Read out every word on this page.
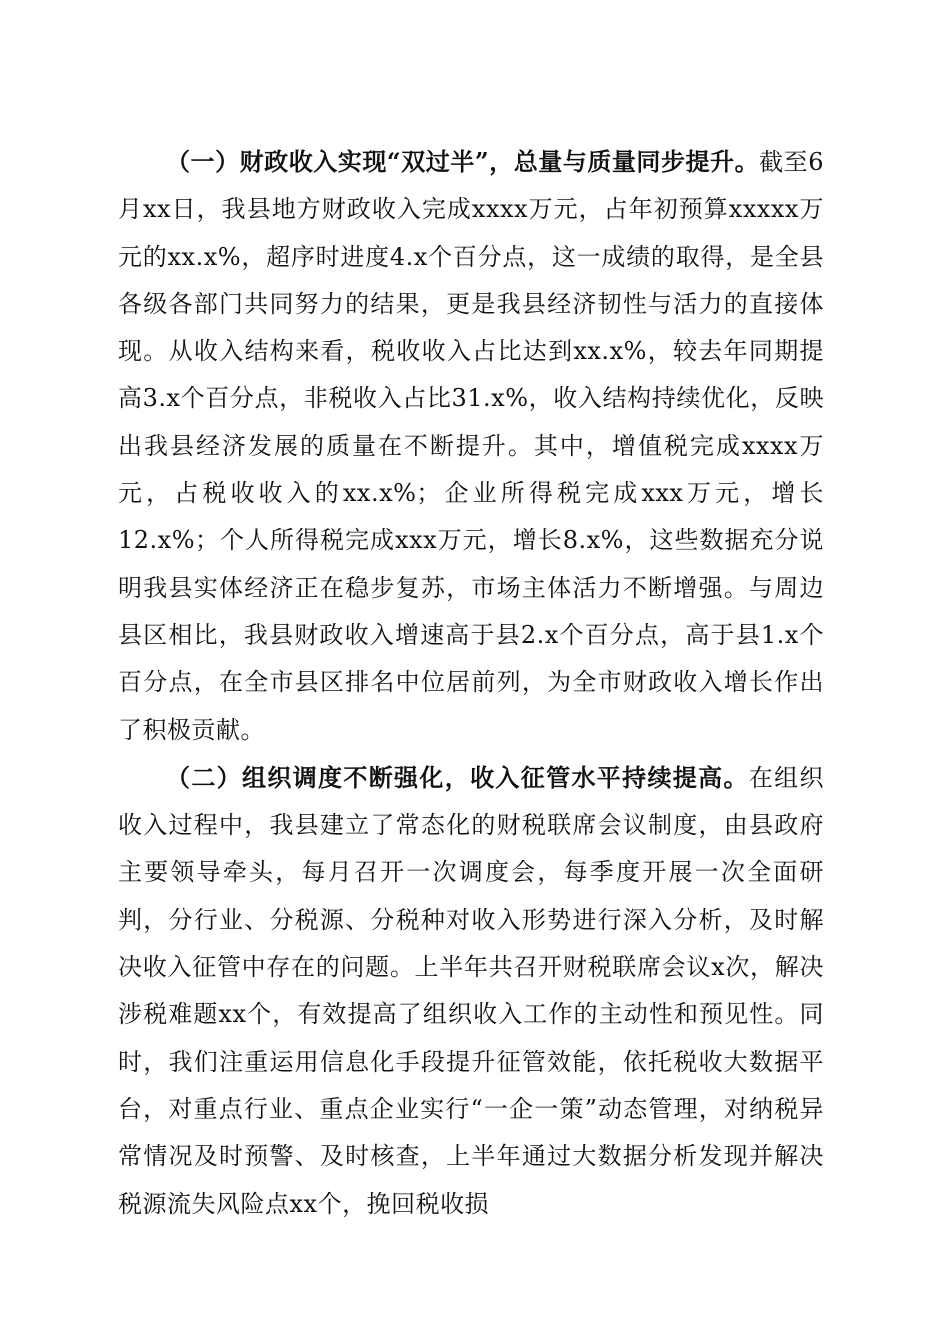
（一）财政收入实现“双过半”，总量与质量同步提升。截至6月xx日，我县地方财政收入完成xxxx万元，占年初预算xxxxx万元的xx.x%，超序时进度4.x个百分点，这一成绩的取得，是全县各级各部门共同努力的结果，更是我县经济韧性与活力的直接体现。从收入结构来看，税收收入占比达到xx.x%，较去年同期提高3.x个百分点，非税收入占比31.x%，收入结构持续优化，反映出我县经济发展的质量在不断提升。其中，增值税完成xxxx万元，占税收收入的xx.x%；企业所得税完成xxx万元，增长12.x%；个人所得税完成xxx万元，增长8.x%，这些数据充分说明我县实体经济正在稳步复苏，市场主体活力不断增强。与周边县区相比，我县财政收入增速高于县2.x个百分点，高于县1.x个百分点，在全市县区排名中位居前列，为全市财政收入增长作出了积极贡献。

（二）组织调度不断强化，收入征管水平持续提高。在组织收入过程中，我县建立了常态化的财税联席会议制度，由县政府主要领导牵头，每月召开一次调度会，每季度开展一次全面研判，分行业、分税源、分税种对收入形势进行深入分析，及时解决收入征管中存在的问题。上半年共召开财税联席会议x次，解决涉税难题xx个，有效提高了组织收入工作的主动性和预见性。同时，我们注重运用信息化手段提升征管效能，依托税收大数据平台，对重点行业、重点企业实行“一企一策”动态管理，对纳税异常情况及时预警、及时核查，上半年通过大数据分析发现并解决税源流失风险点xx个，挽回税收损
